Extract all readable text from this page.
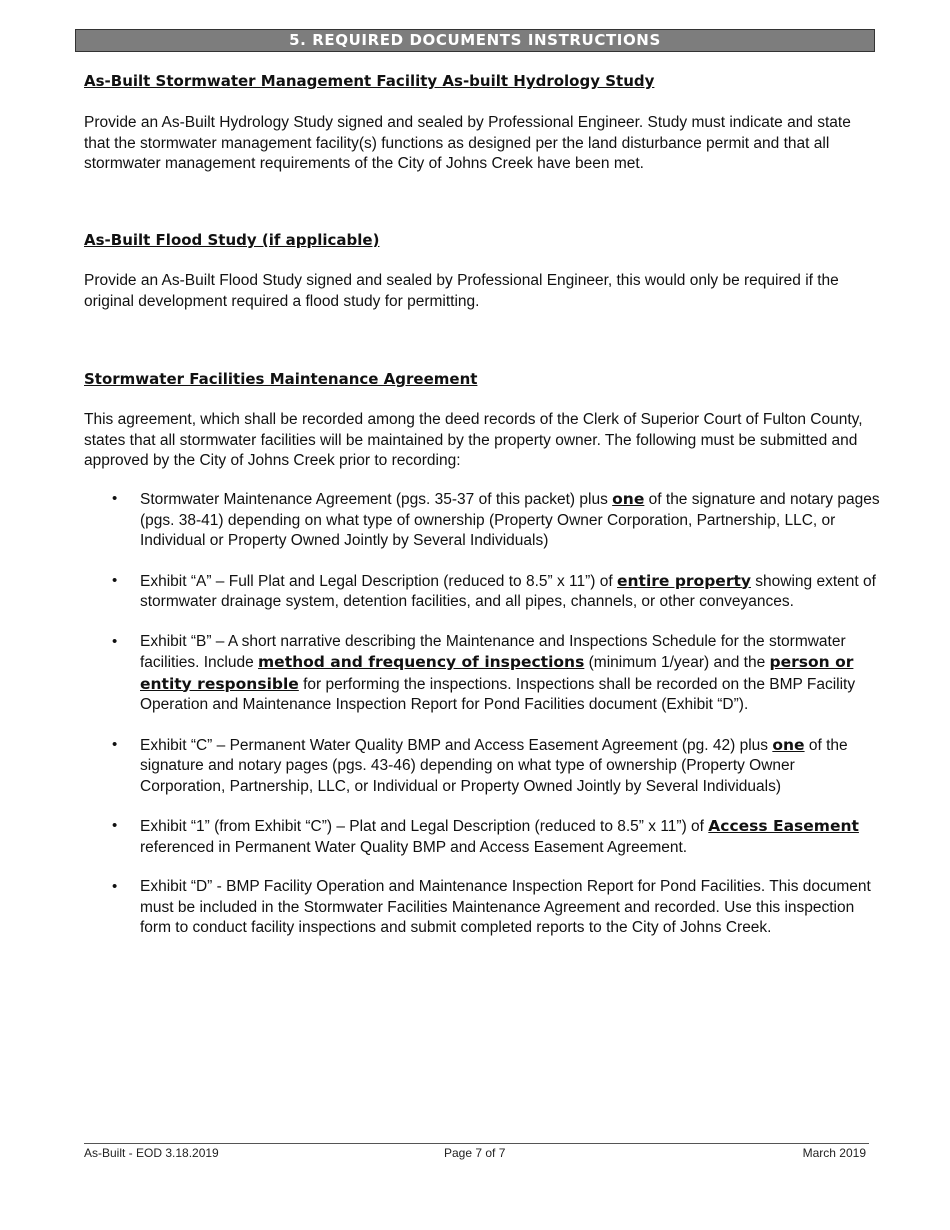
5. REQUIRED DOCUMENTS INSTRUCTIONS
As-Built Stormwater Management Facility As-built Hydrology Study

Provide an As-Built Hydrology Study signed and sealed by Professional Engineer. Study must indicate and state that the stormwater management facility(s) functions as designed per the land disturbance permit and that all stormwater management requirements of the City of Johns Creek have been met.

As-Built Flood Study (if applicable)

Provide an As-Built Flood Study signed and sealed by Professional Engineer, this would only be required if the original development required a flood study for permitting.

Stormwater Facilities Maintenance Agreement

This agreement, which shall be recorded among the deed records of the Clerk of Superior Court of Fulton County, states that all stormwater facilities will be maintained by the property owner. The following must be submitted and approved by the City of Johns Creek prior to recording:

• Stormwater Maintenance Agreement (pgs. 35-37 of this packet) plus one of the signature and notary pages (pgs. 38-41) depending on what type of ownership (Property Owner Corporation, Partnership, LLC, or Individual or Property Owned Jointly by Several Individuals)
• Exhibit “A” – Full Plat and Legal Description (reduced to 8.5” x 11”) of entire property showing extent of stormwater drainage system, detention facilities, and all pipes, channels, or other conveyances.
• Exhibit “B” – A short narrative describing the Maintenance and Inspections Schedule for the stormwater facilities. Include method and frequency of inspections (minimum 1/year) and the person or entity responsible for performing the inspections. Inspections shall be recorded on the BMP Facility Operation and Maintenance Inspection Report for Pond Facilities document (Exhibit “D”).
• Exhibit “C” – Permanent Water Quality BMP and Access Easement Agreement (pg. 42) plus one of the signature and notary pages (pgs. 43-46) depending on what type of ownership (Property Owner Corporation, Partnership, LLC, or Individual or Property Owned Jointly by Several Individuals)
• Exhibit “1” (from Exhibit “C”) – Plat and Legal Description (reduced to 8.5” x 11”) of Access Easement referenced in Permanent Water Quality BMP and Access Easement Agreement.
• Exhibit “D” - BMP Facility Operation and Maintenance Inspection Report for Pond Facilities. This document must be included in the Stormwater Facilities Maintenance Agreement and recorded. Use this inspection form to conduct facility inspections and submit completed reports to the City of Johns Creek.
As-Built - EOD 3.18.2019	Page 7 of 7	March 2019
